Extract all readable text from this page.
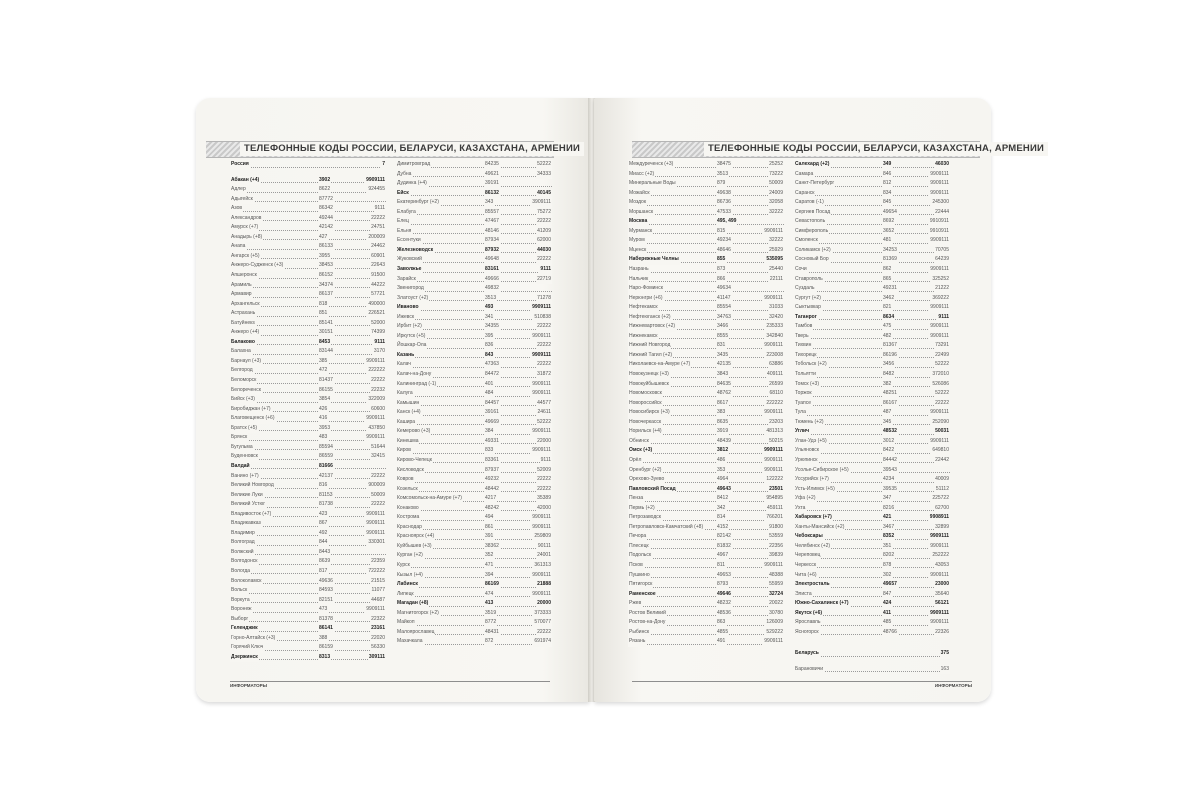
ТЕЛЕФОННЫЕ КОДЫ РОССИИ, БЕЛАРУСИ, КАЗАХСТАНА, АРМЕНИИ
Россия	7
Абакан (+4)	3902	9909111
Адлер	8622	924455
Адыгейск	87772
Азов	86342	9111
Александров	49244	22222
Амурск (+7)	42142	24751
Анадырь (+8)	427	200009
Анапа	86133	24462
Ангарск (+5)	3955	60901
Анжеро-Судженск (+3)	38453	22643
Апшеронск	86152	91500
Арамиль	34374	44222
Армавир	86137	57721
Архангельск	818	490000
Астрахань	851	226521
Батуйнекs	85141	52000
Анжеро (+4)	30151	74399
Балаково	8453	9111
Балахна	83144	3170
Барнаул (+3)	385	9909111
Белгород	472	222222
Беломорск	81437	22222
Белореченск	86155	22232
Бийск (+3)	3854	322009
Биробиджан (+7)	426	60600
Благовещенск (+6)	416	9909111
Братск (+5)	3953	437850
Брянск	483	9909111
Бугульма	85594	51644
Буденновск	86559	32415
Валдай	81666
Ванино (+7)	42137	22222
Великий Новгород	816	900009
Великие Луки	81153	50009
Великий Устюг	81738	22222
Владивосток (+7)	423	9909111
Владикавказ	867	9909111
Владимир	492	9909111
Волгоград	844	330301
Волжский	8443
Волгодонск	8639	22359
Вологда	817	722222
Волоколамск	49636	21515
Вольск	84593	11077
Воркута	82151	44687
Воронеж	473	9909111
Выборг	81378	22322
Геленджик	86141	23161
Горно-Алтайск (+3)	388	22020
Горячий Ключ	86159	56330
Дзержинск	8313	309111
Димитровград	84235	52222
Дубна	49621	34333
Дудинка (+4)	39191
Ейск	86132	40145
Екатеринбург (+2)	343	3909111
Елабуга	85557	75272
Елец	47467	22222
Ельня	48146	41209
Ессентуки	87934	62000
Железноводск	87932	44030
Жуковский	49648	22222
Заволжье	83161	9111
Зарайск	49666	22719
Звенигород	49832
Златоуст (+2)	3513	71278
Иваново	493	9909111
Ижевск	341	510838
Ирбит (+2)	34355	22222
Иркутск (+5)	395	9909111
Йошкар-Ола	836	22222
Казань	843	9909111
Калач	47363	22222
Калач-на-Дону	84472	31872
Калининград (-1)	401	9909111
Калуга	484	9909111
Камышин	84457	44577
Канск (+4)	39161	24611
Кашира	49669	52222
Кемерово (+3)	384	9909111
Кинешма	49331	22000
Киров	833	9909111
Кирово-Чепецк	83361	9111
Кисловодск	87937	52009
Ковров	49232	22222
Козельск	48442	22222
Комсомольск-на-Амуре (+7)	4217	35389
Конаково	48242	42000
Кострома	494	9909111
Краснодар	861	9909111
Красноярск (+4)	391	259809
Куйбышев (+3)	38362	90111
Курган (+2)	352	24001
Курск	471	361313
Кызыл (+4)	394	9909111
Лабинск	86169	21888
Липецк	474	9909111
Магадан (+8)	413	20000
Магнитогорск (+2)	3519	373333
Майкоп	8772	570077
Малоярославец	48431	22222
Махачкала	872	691974
ИНФОРМАТОРЫ
ТЕЛЕФОННЫЕ КОДЫ РОССИИ, БЕЛАРУСИ, КАЗАХСТАНА, АРМЕНИИ
Междуреченск (+3)	38475	25252
Миасс (+2)	3513	73222
Минеральные Воды	879	50009
Можайск	49638	24009
Моздок	86736	32058
Моршанск	47533	32222
Москва	495, 499
Мурманск	815	9909111
Муром	49234	32222
Мценск	48646	25929
Набережные Челны	855	535095
Назрань	873	25440
Нальчик	866	22111
Наро-Фоминск	49634
Нерюнгри (+6)	41147	9909111
Нефтекамск	85554	31033
Нефтеюганск (+2)	34763	32420
Нижневартовск (+2)	3466	235333
Нижнекамск	8555	342840
Нижний Новгород	831	9909111
Нижний Тагил (+2)	3435	223008
Николаевск-на-Амуре (+7)	42135	63886
Новокузнецк (+3)	3843	409111
Новокуйбышевск	84635	26599
Новомосковск	48762	68110
Новороссийск	8617	222222
Новосибирск (+3)	383	9909111
Новочеркасск	8635	23203
Норильск (+4)	3919	481313
Обнинск	48439	50215
Омск (+3)	3812	9909111
Орёл	486	9909111
Оренбург (+2)	353	9909111
Орехово-Зуево	4964	122222
Павловский Посад	49643	23501
Пенза	8412	954895
Пермь (+2)	342	459111
Петрозаводск	814	766201
Петропавловск-Камчатский (+8)	4152	91800
Печора	82142	53559
Плесецк	81832	22356
Подольск	4967	39839
Псков	811	9909111
Пушкино	49653	48388
Пятигорск	8793	55959
Раменское	49646	32724
Ржев	48232	20022
Ростов Великий	48536	30780
Ростов-на-Дону	863	126009
Рыбинск	4855	529222
Рязань	491	9909111
Салехард (+2)	349	46030
Самара	846	9909111
Санкт-Петербург	812	9909111
Саранск	834	9909111
Саратов (-1)	845	245300
Сергиев Посад	49654	22444
Севастополь	8692	9910911
Симферополь	3652	9910911
Смоленск	481	9909111
Соликамск (+2)	34253	70705
Сосновый Бор	81369	64239
Сочи	862	9909111
Ставрополь	865	325252
Суздаль	49231	21222
Сургут (+2)	3462	369222
Сыктывкар	821	9909111
Таганрог	8634	9111
Тамбов	475	9909111
Тверь	482	9909111
Тихвин	81367	73291
Тихорецк	86196	22499
Тобольск (+2)	3456	52222
Тольятти	8482	372010
Томск (+3)	382	526086
Торжок	48251	52222
Туапсе	86167	22222
Тула	487	9909111
Тюмень (+2)	345	252090
Углич	48532	50031
Улан-Удэ (+5)	3012	9909111
Ульяновск	8422	649810
Урюпинск	84442	22442
Усолье-Сибирское (+5)	39543
Уссурийск (+7)	4234	40009
Усть-Илимск (+5)	39535	51112
Уфа (+2)	347	225722
Ухта	8216	62700
Хабаровск (+7)	421	9908911
Ханты-Мансийск (+2)	3467	32899
Чебоксары	8352	9909111
Челябинск (+2)	351	9909111
Череповец	8202	252222
Черкесск	878	43053
Чита (+6)	302	9909111
Электросталь	49657	23000
Элиста	847	35640
Южно-Сахалинск (+7)	424	56121
Якутск (+6)	411	9909111
Ярославль	485	9909111
Ясногорск	48766	22326
Беларусь	375
Барановичи	163
ИНФОРМАТОРЫ
